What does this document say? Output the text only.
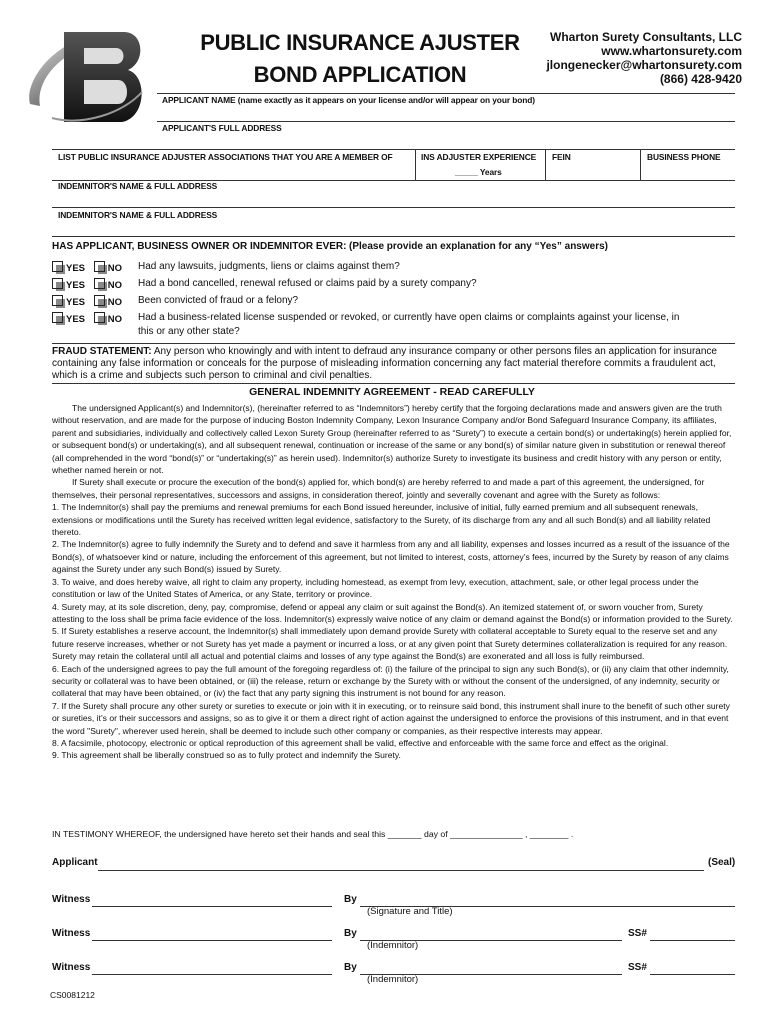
PUBLIC INSURANCE AJUSTER
BOND APPLICATION
Wharton Surety Consultants, LLC
www.whartonsurety.com
jlongenecker@whartonsurety.com
(866) 428-9420
APPLICANT NAME (name exactly as it appears on your license and/or will appear on your bond)
APPLICANT'S FULL ADDRESS
LIST PUBLIC INSURANCE ADJUSTER ASSOCIATIONS THAT YOU ARE A MEMBER OF	INS ADJUSTER EXPERIENCE
_____ Years
FEIN	BUSINESS PHONE
INDEMNITOR'S NAME & FULL ADDRESS
INDEMNITOR'S NAME & FULL ADDRESS
HAS APPLICANT, BUSINESS OWNER OR INDEMNITOR EVER: (Please provide an explanation for any “Yes” answers)
YES NO	Had any lawsuits, judgments, liens or claims against them?
YES NO	Had a bond cancelled, renewal refused or claims paid by a surety company?
YES NO	Been convicted of fraud or a felony?
YES NO	Had a business-related license suspended or revoked, or currently have open claims or complaints against your license, in
this or any other state?
FRAUD STATEMENT: Any person who knowingly and with intent to defraud any insurance company or other persons files an application for insurance containing any false information or conceals for the purpose of misleading information concerning any fact material therefore commits a fraudulent act, which is a crime and subjects such person to criminal and civil penalties.
GENERAL INDEMNITY AGREEMENT - READ CAREFULLY

The undersigned Applicant(s) and Indemnitor(s), (hereinafter referred to as “Indemnitors”) hereby certify that the forgoing declarations made and answers given are the truth without reservation, and are made for the purpose of inducing Boston Indemnity Company, Lexon Insurance Company and/or Bond Safeguard Insurance Company, its affiliates, parent and subsidiaries, individually and collectively called Lexon Surety Group (hereinafter referred to as “Surety”) to execute a certain bond(s) or undertaking(s) herein applied for, or subsequent bond(s) or undertaking(s), and all subsequent renewal, continuation or increase of the same or any bond(s) of similar nature given in substitution or renewal thereof (all comprehended in the word “bond(s)” or “undertaking(s)” as herein used). Indemnitor(s) authorize Surety to investigate its business and credit history with any person or entity, whether named herein or not.

If Surety shall execute or procure the execution of the bond(s) applied for, which bond(s) are hereby referred to and made a part of this agreement, the undersigned, for themselves, their personal representatives, successors and assigns, in consideration thereof, jointly and severally covenant and agree with the Surety as follows:

1. The Indemnitor(s) shall pay the premiums and renewal premiums for each Bond issued hereunder, inclusive of initial, fully earned premium and all subsequent renewals, extensions or modifications until the Surety has received written legal evidence, satisfactory to the Surety, of its discharge from any and all such Bond(s) and all liability related thereto.

2. The Indemnitor(s) agree to fully indemnify the Surety and to defend and save it harmless from any and all liability, expenses and losses incurred as a result of the issuance of the Bond(s), of whatsoever kind or nature, including the enforcement of this agreement, but not limited to interest, costs, attorney’s fees, incurred by the Surety by reason of any claims against the Surety under any such Bond(s) issued by Surety.

3. To waive, and does hereby waive, all right to claim any property, including homestead, as exempt from levy, execution, attachment, sale, or other legal process under the constitution or law of the United States of America, or any State, territory or province.

4. Surety may, at its sole discretion, deny, pay, compromise, defend or appeal any claim or suit against the Bond(s). An itemized statement of, or sworn voucher from, Surety attesting to the loss shall be prima facie evidence of the loss. Indemnitor(s) expressly waive notice of any claim or demand against the Bond(s) or information provided to the Surety.

5. If Surety establishes a reserve account, the Indemnitor(s) shall immediately upon demand provide Surety with collateral acceptable to Surety equal to the reserve set and any future reserve increases, whether or not Surety has yet made a payment or incurred a loss, or at any given point that Surety determines collateralization is required for any reason. Surety may retain the collateral until all actual and potential claims and losses of any type against the Bond(s) are exonerated and all loss is fully reimbursed.

6. Each of the undersigned agrees to pay the full amount of the foregoing regardless of: (i) the failure of the principal to sign any such Bond(s), or (ii) any claim that other indemnity, security or collateral was to have been obtained, or (iii) the release, return or exchange by the Surety with or without the consent of the undersigned, of any indemnity, security or collateral that may have been obtained, or (iv) the fact that any party signing this instrument is not bound for any reason.

7. If the Surety shall procure any other surety or sureties to execute or join with it in executing, or to reinsure said bond, this instrument shall inure to the benefit of such other surety or sureties, it’s or their successors and assigns, so as to give it or them a direct right of action against the undersigned to enforce the provisions of this instrument, and in that event the word "Surety", wherever used herein, shall be deemed to include such other company or companies, as their respective interests may appear.

8. A facsimile, photocopy, electronic or optical reproduction of this agreement shall be valid, effective and enforceable with the same force and effect as the original.

9. This agreement shall be liberally construed so as to fully protect and indemnify the Surety.

IN TESTIMONY WHEREOF, the undersigned have hereto set their hands and seal this _______ day of _______________ , ________ .
Applicant	(Seal)
Witness	By
(Signature and Title)
Witness	By	SS#
(Indemnitor)
Witness	By	SS#
(Indemnitor)
CS0081212
